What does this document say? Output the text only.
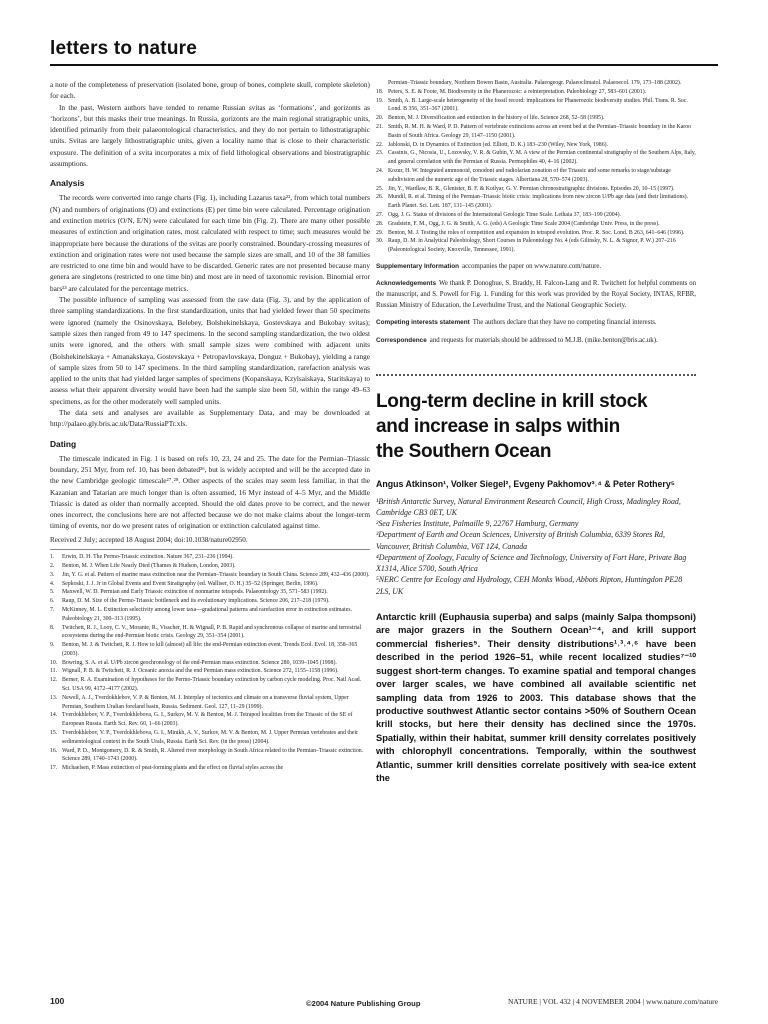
letters to nature

a note of the completeness of preservation (isolated bone, group of bones, complete skull, complete skeleton) for each.

In the past, Western authors have tended to rename Russian svitas as ‘formations’, and gorizonts as ‘horizons’, but this masks their true meanings. In Russia, gorizonts are the main regional stratigraphic units, identified primarily from their palaeontological characteristics, and they do not pertain to lithostratigraphic units. Svitas are largely lithostratigraphic units, given a locality name that is close to their characteristic exposure. The definition of a svita incorporates a mix of field lithological observations and biostratigraphic assumptions.

Analysis

The records were converted into range charts (Fig. 1), including Lazarus taxa²², from which total numbers (N) and numbers of originations (O) and extinctions (E) per time bin were calculated. Percentage origination and extinction metrics (O/N, E/N) were calculated for each time bin (Fig. 2). There are many other possible measures of extinction and origination rates, most calculated with respect to time; such measures would be inappropriate here because the durations of the svitas are poorly constrained. Boundary-crossing measures of extinction and origination rates were not used because the sample sizes are small, and 10 of the 38 families are restricted to one time bin and would have to be discarded. Generic rates are not presented because many genera are singletons (restricted to one time bin) and most are in need of taxonomic revision. Binomial error bars²³ are calculated for the percentage metrics.

The possible influence of sampling was assessed from the raw data (Fig. 3), and by the application of three sampling standardizations. In the first standardization, units that had yielded fewer than 50 specimens were ignored (namely the Osinovskaya, Belebey, Bolshekinelskaya, Gostevskaya and Bukobay svitas); sample sizes then ranged from 49 to 147 specimens. In the second sampling standardization, the two oldest units were ignored, and the others with small sample sizes were combined with adjacent units (Bolshekinelskaya + Amanakskaya, Gostevskaya + Petropavlovskaya, Donguz + Bukobay), yielding a range of sample sizes from 50 to 147 specimens. In the third sampling standardization, rarefaction analysis was applied to the units that had yielded larger samples of specimens (Kopanskaya, Kzylsaiskaya, Staritskaya) to assess what their apparent diversity would have been had the sample size been 50, within the range 49–63 specimens, as for the other moderately well sampled units.

The data sets and analyses are available as Supplementary Data, and may be downloaded at http://palaeo.gly.bris.ac.uk/Data/RussiaPTr.xls.

Dating

The timescale indicated in Fig. 1 is based on refs 10, 23, 24 and 25. The date for the Permian–Triassic boundary, 251 Myr, from ref. 10, has been debated²⁶, but is widely accepted and will be the accepted date in the new Cambridge geologic timescale²⁷˒²⁸. Other aspects of the scales may seem less familiar, in that the Kazanian and Tatarian are much longer than is often assumed, 16 Myr instead of 4–5 Myr, and the Middle Triassic is dated as older than normally accepted. Should the old dates prove to be correct, and the newer ones incorrect, the conclusions here are not affected because we do not make claims about the longer-term timing of events, nor do we present rates of origination or extinction calculated against time.

Received 2 July; accepted 18 August 2004; doi:10.1038/nature02950.

1.	Erwin, D. H. The Permo-Triassic extinction. Nature 367, 231–236 (1994).
2.	Benton, M. J. When Life Nearly Died (Thames & Hudson, London, 2003).
3.	Jin, Y. G. et al. Pattern of marine mass extinction near the Permian–Triassic boundary in South China. Science 289, 432–436 (2000).
4.	Sepkoski, J. J. Jr in Global Events and Event Stratigraphy (ed. Walliser, O. H.) 35–52 (Springer, Berlin, 1996).
5.	Maxwell, W. D. Permian and Early Triassic extinction of nonmarine tetrapods. Palaeontology 35, 571–583 (1992).
6.	Raup, D. M. Size of the Permo-Triassic bottleneck and its evolutionary implications. Science 206, 217–218 (1979).
7.	McKinney, M. L. Extinction selectivity among lower taxa—gradational patterns and rarefaction error in extinction estimates. Paleobiology 21, 300–313 (1995).
8.	Twitchett, R. J., Looy, C. V., Morante, R., Visscher, H. & Wignall, P. B. Rapid and synchronous collapse of marine and terrestrial ecosystems during the end-Permian biotic crisis. Geology 29, 351–354 (2001).
9.	Benton, M. J. & Twitchett, R. J. How to kill (almost) all life: the end-Permian extinction event. Trends Ecol. Evol. 18, 358–365 (2003).
10. Bowring, S. A. et al. U/Pb zircon geochronology of the end-Permian mass extinction. Science 280, 1039–1045 (1998).
11. Wignall, P. B. & Twitchett, R. J. Oceanic anoxia and the end Permian mass extinction. Science 272, 1155–1158 (1996).
12. Berner, R. A. Examination of hypotheses for the Permo-Triassic boundary extinction by carbon cycle modeling. Proc. Natl Acad. Sci. USA 99, 4172–4177 (2002).
13. Newell, A. J., Tverdokhlebov, V. P. & Benton, M. J. Interplay of tectonics and climate on a transverse fluvial system, Upper Permian, Southern Uralian foreland basin, Russia. Sediment. Geol. 127, 11–29 (1999).
14. Tverdokhlebov, V. P., Tverdokhlebova, G. I., Surkov, M. V. & Benton, M. J. Tetrapod localities from the Triassic of the SE of European Russia. Earth Sci. Rev. 60, 1–66 (2003).
15. Tverdokhlebov, V. P., Tverdokhlebova, G. I., Minikh, A. V., Surkov, M. V. & Benton, M. J. Upper Permian vertebrates and their sedimentological context in the South Urals, Russia. Earth Sci. Rev. (in the press) (2004).
16. Ward, P. D., Montgomery, D. R. & Smith, R. Altered river morphology in South Africa related to the Permian–Triassic extinction. Science 289, 1740–1743 (2000).
17. Michaelsen, P. Mass extinction of peat-forming plants and the effect on fluvial styles across the
Permian–Triassic boundary, Northern Bowen Basin, Australia. Palaeogeogr. Palaeoclimatol. Palaeoecol. 179, 173–188 (2002).
18. Peters, S. E. & Foote, M. Biodiversity in the Phanerozoic: a reinterpretation. Paleobiology 27, 583–601 (2001).
19. Smith, A. B. Large-scale heterogeneity of the fossil record: implications for Phanerozoic biodiversity studies. Phil. Trans. R. Soc. Lond. B 356, 351–367 (2001).
20. Benton, M. J. Diversification and extinction in the history of life. Science 268, 52–58 (1995).
21. Smith, R. M. H. & Ward, P. D. Pattern of vertebrate extinctions across an event bed at the Permian–Triassic boundary in the Karoo Basin of South Africa. Geology 29, 1147–1150 (2001).
22. Jablonski, D. in Dynamics of Extinction (ed. Elliott, D. K.) 183–230 (Wiley, New York, 1986).
23. Cassinis, G., Nicosia, U., Lozovsky, V. R. & Gubin, Y. M. A view of the Permian continental stratigraphy of the Southern Alps, Italy, and general correlation with the Permian of Russia. Permophiles 40, 4–16 (2002).
24. Kozur, H. W. Integrated ammonoid, conodont and radiolarian zonation of the Triassic and some remarks to stage/substage subdivision and the numeric age of the Triassic stages. Albertiana 28, 570–574 (2003).
25. Jin, Y., Wardlaw, B. R., Glenister, B. F. & Kotlyar, G. V. Permian chronostratigraphic divisions. Episodes 20, 10–15 (1997).
26. Mundil, R. et al. Timing of the Permian–Triassic biotic crisis: implications from new zircon U/Pb age data (and their limitations). Earth Planet. Sci. Lett. 187, 131–145 (2001).
27. Ogg, J. G. Status of divisions of the International Geologic Time Scale. Lethaia 37, 183–199 (2004).
28. Gradstein, F. M., Ogg, J. G. & Smith, A. G. (eds) A Geologic Time Scale 2004 (Cambridge Univ. Press, in the press).
29. Benton, M. J. Testing the roles of competition and expansion in tetrapod evolution. Proc. R. Soc. Lond. B 263, 641–646 (1996).
30. Raup, D. M. in Analytical Paleobiology, Short Courses in Paleontology No. 4 (eds Gilinsky, N. L. & Signor, P. W.) 207–216 (Paleontological Society, Knoxville, Tennessee, 1991).

Supplementary Information accompanies the paper on www.nature.com/nature.

Acknowledgements We thank P. Donoghue, S. Braddy, H. Falcon-Lang and R. Twitchett for helpful comments on the manuscript, and S. Powell for Fig. 1. Funding for this work was provided by the Royal Society, INTAS, RFBR, Russian Ministry of Education, the Leverhulme Trust, and the National Geographic Society.

Competing interests statement The authors declare that they have no competing financial interests.

Correspondence and requests for materials should be addressed to M.J.B. (mike.benton@bris.ac.uk).

Long-term decline in krill stock
and increase in salps within
the Southern Ocean
Angus Atkinson¹, Volker Siegel², Evgeny Pakhomov³˒⁴ & Peter Rothery⁵

¹British Antarctic Survey, Natural Environment Research Council, High Cross, Madingley Road, Cambridge CB3 0ET, UK

²Sea Fisheries Institute, Palmaille 9, 22767 Hamburg, Germany

³Department of Earth and Ocean Sciences, University of British Columbia, 6339 Stores Rd, Vancouver, British Columbia, V6T 1Z4, Canada

⁴Department of Zoology, Faculty of Science and Technology, University of Fort Hare, Private Bag X1314, Alice 5700, South Africa

⁵NERC Centre for Ecology and Hydrology, CEH Monks Wood, Abbots Ripton, Huntingdon PE28 2LS, UK

Antarctic krill (Euphausia superba) and salps (mainly Salpa thompsoni) are major grazers in the Southern Ocean¹⁻⁴, and krill support commercial fisheries⁵. Their density distributions¹˒³˒⁴˒⁶ have been described in the period 1926–51, while recent localized studies⁷⁻¹⁰ suggest short-term changes. To examine spatial and temporal changes over larger scales, we have combined all available scientific net sampling data from 1926 to 2003. This database shows that the productive southwest Atlantic sector contains >50% of Southern Ocean krill stocks, but here their density has declined since the 1970s. Spatially, within their habitat, summer krill density correlates positively with chlorophyll concentrations. Temporally, within the southwest Atlantic, summer krill densities correlate positively with sea-ice extent the

100	©2004 Nature Publishing Group	NATURE | VOL 432 | 4 NOVEMBER 2004 | www.nature.com/nature
